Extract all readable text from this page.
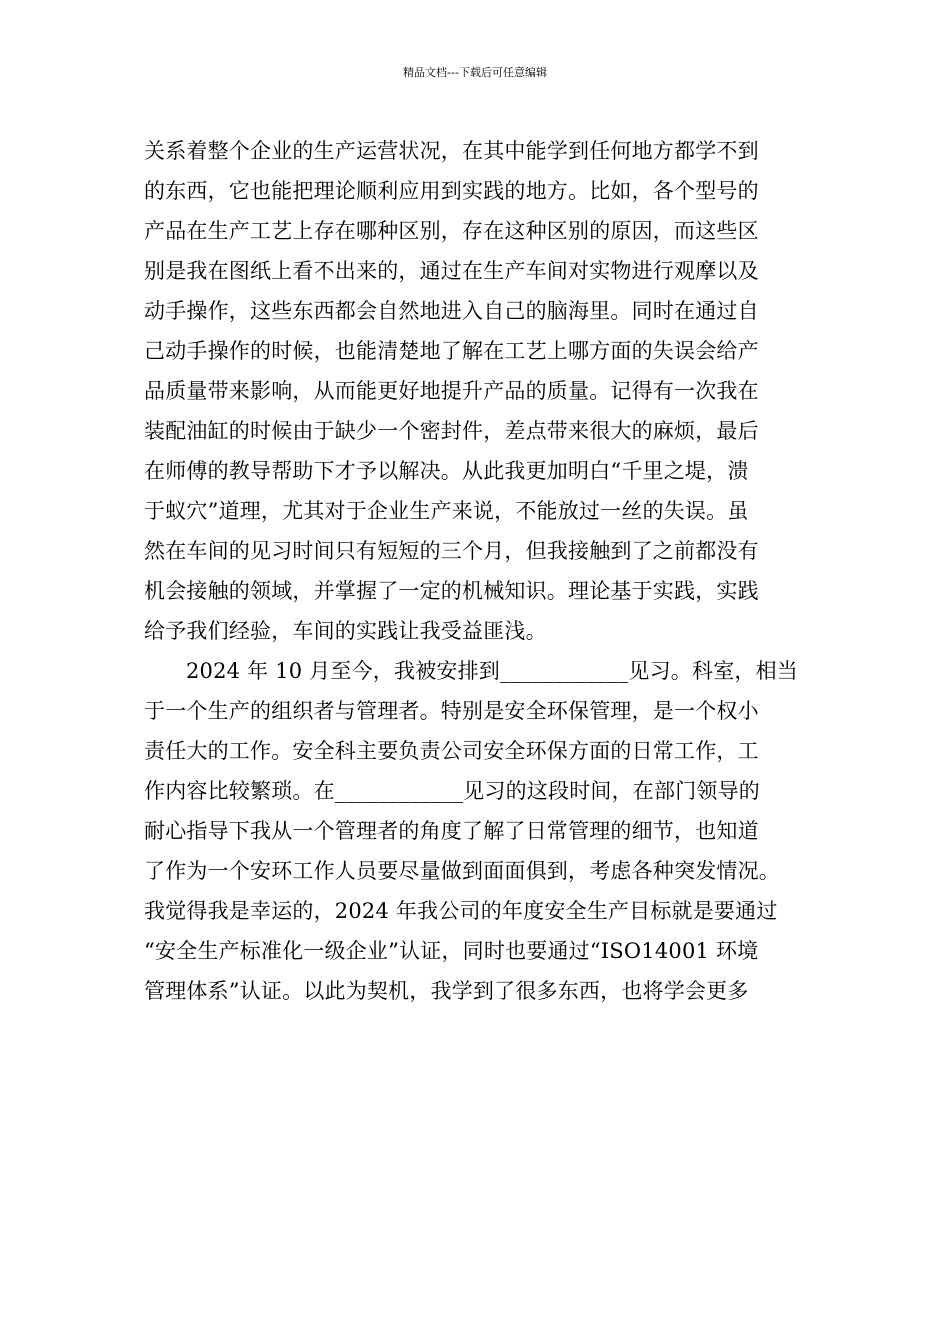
精品文档---下载后可任意编辑
关系着整个企业的生产运营状况，在其中能学到任何地方都学不到
的东西，它也能把理论顺利应用到实践的地方。比如，各个型号的
产品在生产工艺上存在哪种区别，存在这种区别的原因，而这些区
别是我在图纸上看不出来的，通过在生产车间对实物进行观摩以及
动手操作，这些东西都会自然地进入自己的脑海里。同时在通过自
己动手操作的时候，也能清楚地了解在工艺上哪方面的失误会给产
品质量带来影响，从而能更好地提升产品的质量。记得有一次我在
装配油缸的时候由于缺少一个密封件，差点带来很大的麻烦，最后
在师傅的教导帮助下才予以解决。从此我更加明白“千里之堤，溃
于蚁穴”道理，尤其对于企业生产来说，不能放过一丝的失误。虽
然在车间的见习时间只有短短的三个月，但我接触到了之前都没有
机会接触的领域，并掌握了一定的机械知识。理论基于实践，实践
给予我们经验，车间的实践让我受益匪浅。
2024 年 10 月至今，我被安排到____________见习。科室，相当
于一个生产的组织者与管理者。特别是安全环保管理，是一个权小
责任大的工作。安全科主要负责公司安全环保方面的日常工作，工
作内容比较繁琐。在____________见习的这段时间，在部门领导的
耐心指导下我从一个管理者的角度了解了日常管理的细节，也知道
了作为一个安环工作人员要尽量做到面面俱到，考虑各种突发情况。
我觉得我是幸运的，2024 年我公司的年度安全生产目标就是要通过
“安全生产标准化一级企业”认证，同时也要通过“ISO14001 环境
管理体系”认证。以此为契机，我学到了很多东西，也将学会更多
